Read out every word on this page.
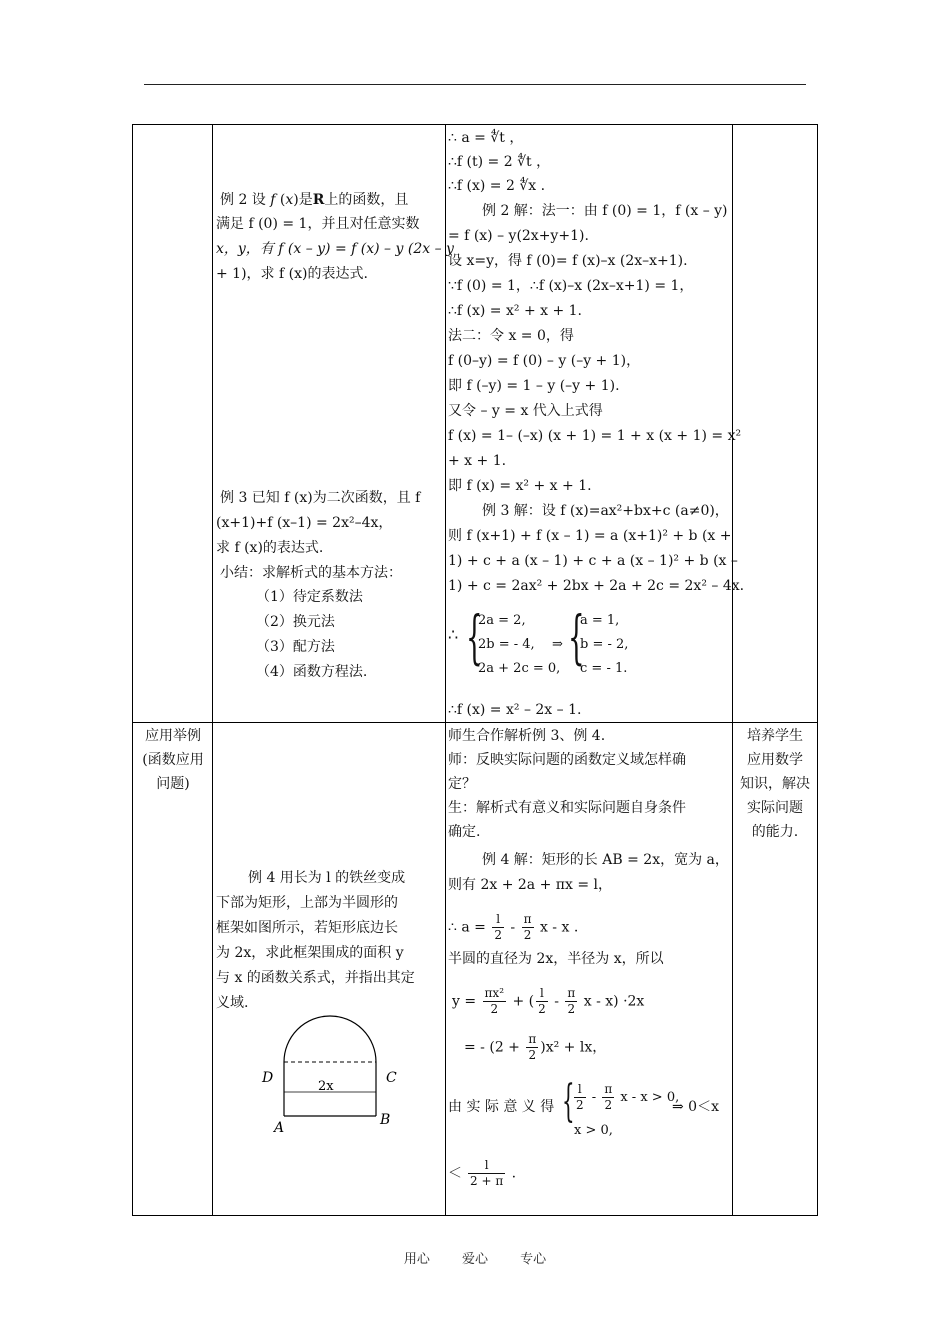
应用举例
(函数应用
问题)
培养学生
应用数学
知识，解决
实际问题
的能力.
例 2 设 f (x)是R上的函数，且
满足 f (0) = 1，并且对任意实数
x，y，有 f (x – y) = f (x) – y (2x – y
+ 1)，求 f (x)的表达式.
例 3 已知 f (x)为二次函数，且 f
(x+1)+f (x–1) = 2x²–4x，
求 f (x)的表达式.
小结：求解析式的基本方法：
（1）待定系数法
（2）换元法
（3）配方法
（4）函数方程法.
∴ a = ∜t ，
∴f (t) = 2 ∜t ，
∴f (x) = 2 ∜x .
例 2 解：法一：由 f (0) = 1，f (x – y)
= f (x) – y(2x+y+1).
设 x=y，得 f (0)= f (x)–x (2x–x+1).
∵f (0) = 1，∴f (x)–x (2x–x+1) = 1，
∴f (x) = x² + x + 1.
法二：令 x = 0，得
f (0–y) = f (0) – y (–y + 1)，
即 f (–y) = 1 – y (–y + 1).
又令 – y = x 代入上式得
f (x) = 1– (–x) (x + 1) = 1 + x (x + 1) = x²
+ x + 1.
即 f (x) = x² + x + 1.
例 3 解：设 f (x)=ax²+bx+c (a≠0)，
则 f (x+1) + f (x – 1) = a (x+1)² + b (x +
1) + c + a (x – 1) + c + a (x – 1)² + b (x –
1) + c = 2ax² + 2bx + 2a + 2c = 2x² – 4x.
∴ {
2a = 2,
2b = - 4,
2a + 2c = 0,
⇒ {
a = 1,
b = - 2,
c = - 1.
∴f (x) = x² – 2x – 1.
师生合作解析例 3、例 4.
师：反映实际问题的函数定义域怎样确
定？
生：解析式有意义和实际问题自身条件
确定.
例 4 用长为 l 的铁丝变成
下部为矩形，上部为半圆形的
框架如图所示，若矩形底边长
为 2x，求此框架围成的面积 y
与 x 的函数关系式，并指出其定
义域.
D	C
A	B
2x
例 4 解：矩形的长 AB = 2x，宽为 a，
则有 2x + 2a + πx = l，
∴ $a = \frac{l}{2} - \frac{\pi}{2}$ x - x .
半圆的直径为 2x，半径为 x，所以
$y = \frac{\text{πx²}}{2}$ + ( $\frac{l}{2} - \frac{\pi}{2}$ x - x) ·2x
= - $(2 + \frac{\pi}{2} )x^2$ + lx，
由 实 际 意 义 得 { $\frac{l}{2} - \frac{\pi}{2}$ x - x > 0,
x > 0,
⇒ 0＜x
＜ $\frac{l}{2 + \pi}$ .
用心 爱心 专心
